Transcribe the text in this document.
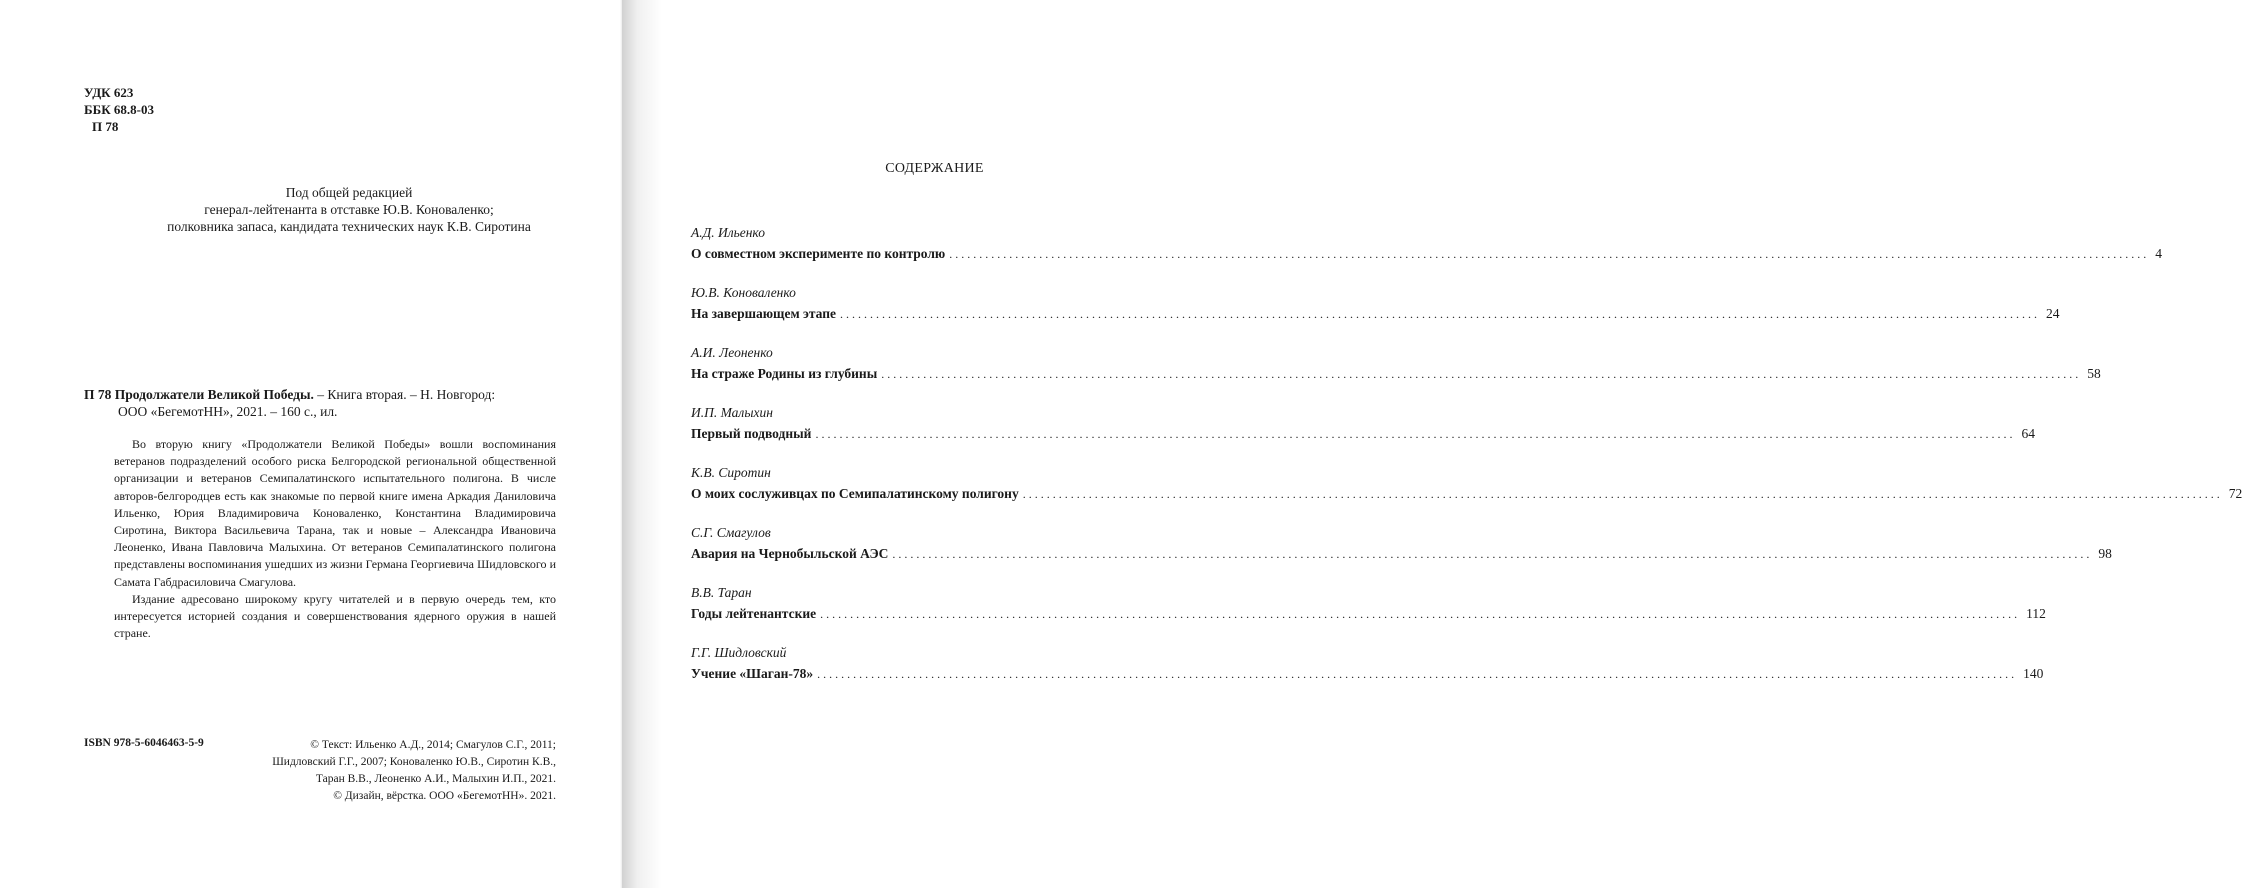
УДК 623
ББК 68.8-03
П 78
Под общей редакцией
генерал-лейтенанта в отставке Ю.В. Коноваленко;
полковника запаса, кандидата технических наук К.В. Сиротина
П 78 Продолжатели Великой Победы. – Книга вторая. – Н. Новгород:
ООО «БегемотНН», 2021. – 160 с., ил.

Во вторую книгу «Продолжатели Великой Победы» вошли воспоминания ветеранов подразделений особого риска Белгородской региональной общественной организации и ветеранов Семипалатинского испытательного полигона. В числе авторов-белгородцев есть как знакомые по первой книге имена Аркадия Даниловича Ильенко, Юрия Владимировича Коноваленко, Константина Владимировича Сиротина, Виктора Васильевича Тарана, так и новые – Александра Ивановича Леоненко, Ивана Павловича Малыхина. От ветеранов Семипалатинского полигона представлены воспоминания ушедших из жизни Германа Георгиевича Шидловского и Самата Габдрасиловича Смагулова.

Издание адресовано широкому кругу читателей и в первую очередь тем, кто интересуется историей создания и совершенствования ядерного оружия в нашей стране.

ISBN 978-5-6046463-5-9	© Текст: Ильенко А.Д., 2014; Смагулов С.Г., 2011;
Шидловский Г.Г., 2007; Коноваленко Ю.В., Сиротин К.В.,
Таран В.В., Леоненко А.И., Малыхин И.П., 2021.
© Дизайн, вёрстка. ООО «БегемотНН». 2021.
СОДЕРЖАНИЕ
А.Д. Ильенко
О совместном эксперименте по контролю ........................................................................................................................................................................................................ 4
Ю.В. Коноваленко
На завершающем этапе ........................................................................................................................................................................................................ 24
А.И. Леоненко
На страже Родины из глубины ........................................................................................................................................................................................................ 58
И.П. Малыхин
Первый подводный ........................................................................................................................................................................................................ 64
К.В. Сиротин
О моих сослуживцах по Семипалатинскому полигону ........................................................................................................................................................................................................ 72
С.Г. Смагулов
Авария на Чернобыльской АЭС ........................................................................................................................................................................................................ 98
В.В. Таран
Годы лейтенантские ........................................................................................................................................................................................................ 112
Г.Г. Шидловский
Учение «Шаган-78» ........................................................................................................................................................................................................ 140
